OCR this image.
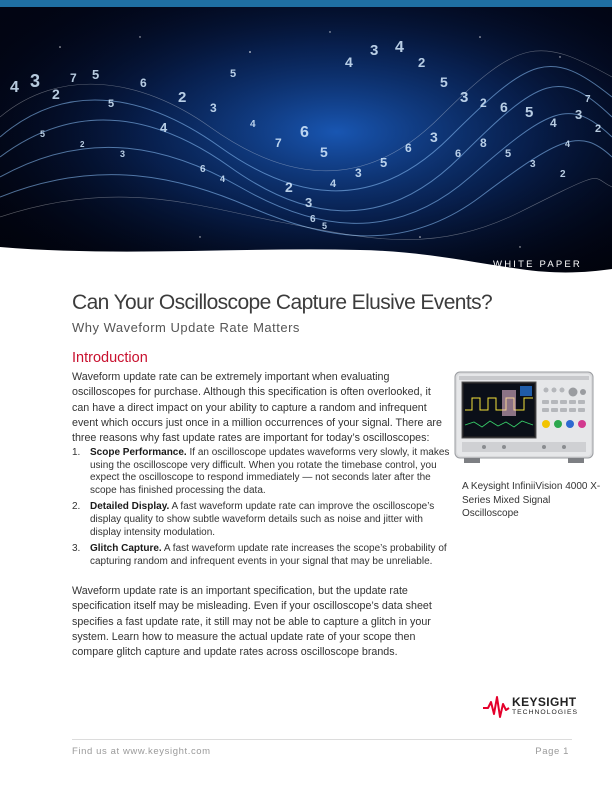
4 3
2
7 5
5
6
4
2
3
5
4
7
6
5
4
3 4
2
5
3 2 6 5
4
3
2
2
3
4
3
5
6
3
6
8
5
3
2
6
5
6
4
3
2
5
7
4
WHITE PAPER
Can Your Oscilloscope Capture Elusive Events?
Why Waveform Update Rate Matters
Introduction

Waveform update rate can be extremely important when evaluating oscilloscopes for purchase. Although this specification is often overlooked, it can have a direct impact on your ability to capture a random and infrequent event which occurs just once in a million occurrences of your signal. There are three reasons why fast update rates are important for today’s oscilloscopes:

1. Scope Performance. If an oscilloscope updates waveforms very slowly, it makes using the oscilloscope very difficult. When you rotate the timebase control, you expect the oscilloscope to respond immediately — not seconds later after the scope has finished processing the data.
2. Detailed Display. A fast waveform update rate can improve the oscilloscope’s display quality to show subtle waveform details such as noise and jitter with display intensity modulation.
3. Glitch Capture. A fast waveform update rate increases the scope’s probability of capturing random and infrequent events in your signal that may be unreliable.

Waveform update rate is an important specification, but the update rate specification itself may be misleading. Even if your oscilloscope’s data sheet specifies a fast update rate, it still may not be able to capture a glitch in your system. Learn how to measure the actual update rate of your scope then compare glitch capture and update rates across oscilloscope brands.

A Keysight InfiniiVision 4000 X-Series Mixed Signal Oscilloscope

KEYSIGHT
TECHNOLOGIES
Find us at www.keysight.com	Page 1
